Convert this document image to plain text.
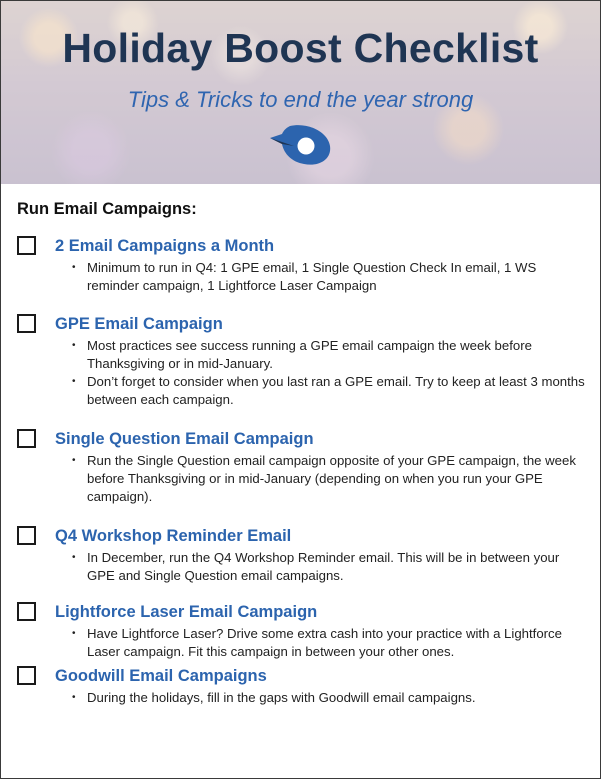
Holiday Boost Checklist
Tips & Tricks to end the year strong
Run Email Campaigns:
2 Email Campaigns a Month
• Minimum to run in Q4: 1 GPE email, 1 Single Question Check In email, 1 WS reminder campaign, 1 Lightforce Laser Campaign
GPE Email Campaign
• Most practices see success running a GPE email campaign the week before Thanksgiving or in mid-January.
• Don’t forget to consider when you last ran a GPE email. Try to keep at least 3 months between each campaign.
Single Question Email Campaign
• Run the Single Question email campaign opposite of your GPE campaign, the week before Thanksgiving or in mid-January (depending on when you run your GPE campaign).
Q4 Workshop Reminder Email
• In December, run the Q4 Workshop Reminder email. This will be in between your GPE and Single Question email campaigns.
Lightforce Laser Email Campaign
• Have Lightforce Laser? Drive some extra cash into your practice with a Lightforce Laser campaign. Fit this campaign in between your other ones.
Goodwill Email Campaigns
• During the holidays, fill in the gaps with Goodwill email campaigns.
